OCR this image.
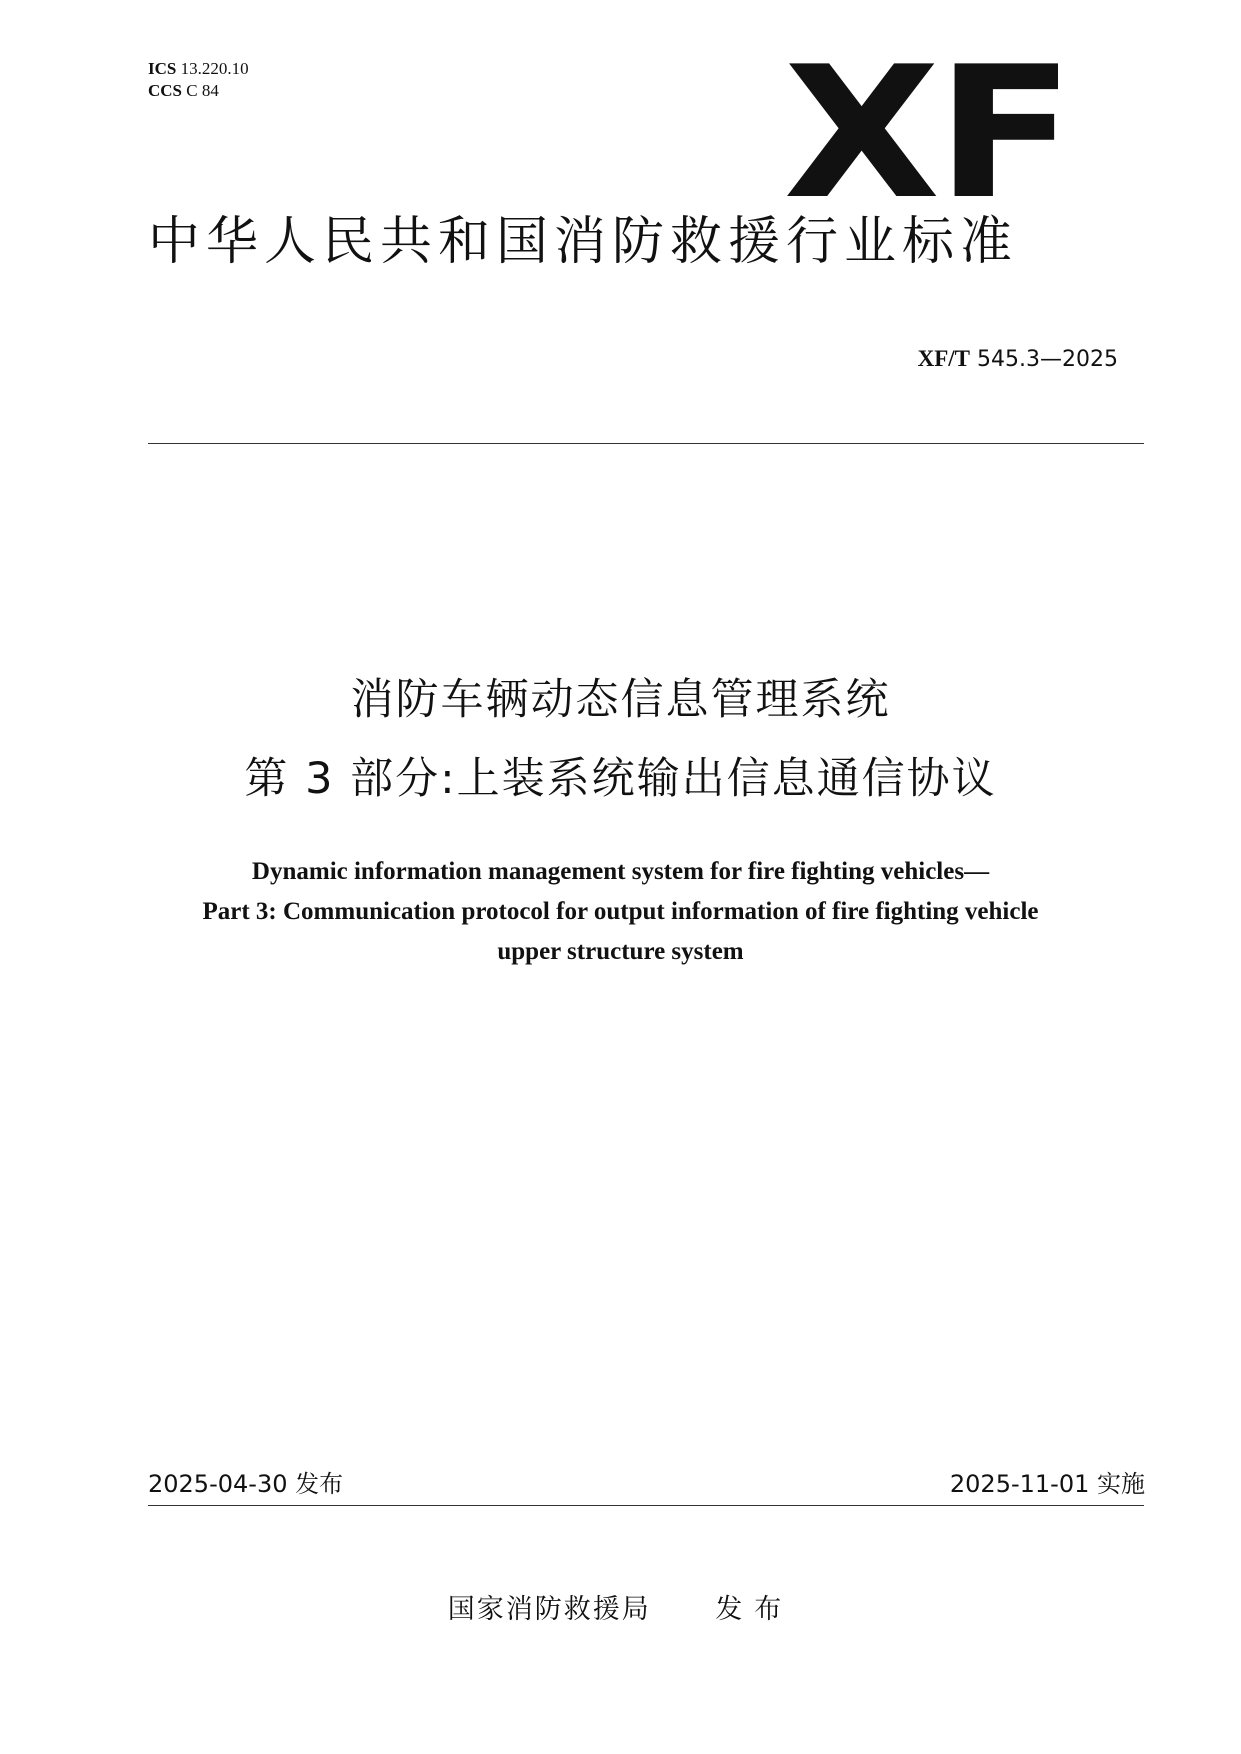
ICS 13.220.10
CCS C 84	XF
中华人民共和国消防救援行业标准
XF/T 545.3—2025
消防车辆动态信息管理系统
第 3 部分:上装系统输出信息通信协议
Dynamic information management system for fire fighting vehicles—
Part 3: Communication protocol for output information of fire fighting vehicle
upper structure system
2025-04-30 发布	2025-11-01 实施
国家消防救援局 发布
